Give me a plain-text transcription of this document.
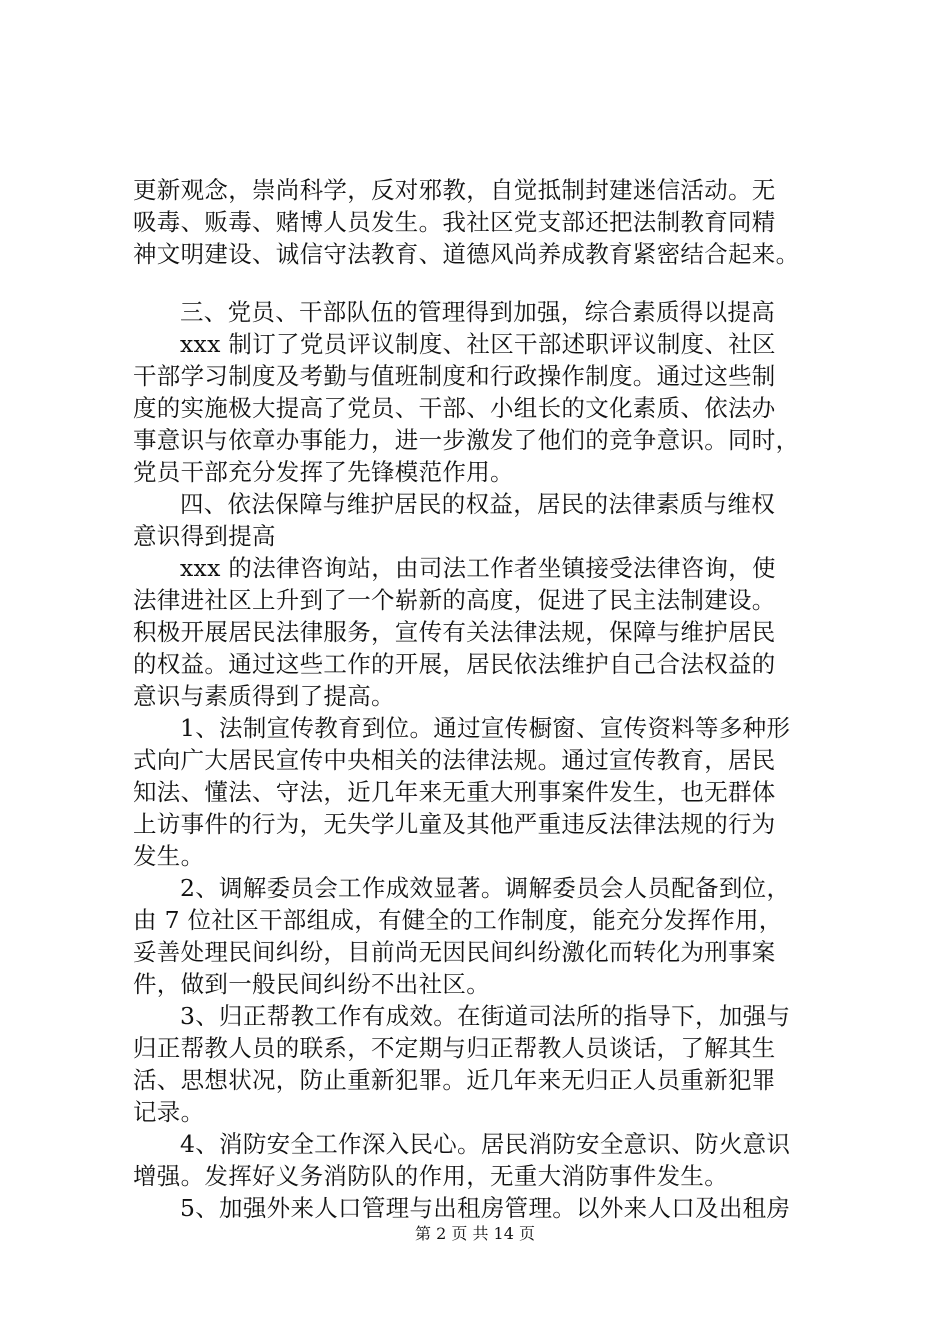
更新观念，崇尚科学，反对邪教，自觉抵制封建迷信活动。无
吸毒、贩毒、赌博人员发生。我社区党支部还把法制教育同精
神文明建设、诚信守法教育、道德风尚养成教育紧密结合起来。
三、党员、干部队伍的管理得到加强，综合素质得以提高
xxx 制订了党员评议制度、社区干部述职评议制度、社区
干部学习制度及考勤与值班制度和行政操作制度。通过这些制
度的实施极大提高了党员、干部、小组长的文化素质、依法办
事意识与依章办事能力，进一步激发了他们的竞争意识。同时，
党员干部充分发挥了先锋模范作用。
四、依法保障与维护居民的权益，居民的法律素质与维权
意识得到提高
xxx 的法律咨询站，由司法工作者坐镇接受法律咨询，使
法律进社区上升到了一个崭新的高度，促进了民主法制建设。
积极开展居民法律服务，宣传有关法律法规，保障与维护居民
的权益。通过这些工作的开展，居民依法维护自己合法权益的
意识与素质得到了提高。
1、法制宣传教育到位。通过宣传橱窗、宣传资料等多种形
式向广大居民宣传中央相关的法律法规。通过宣传教育，居民
知法、懂法、守法，近几年来无重大刑事案件发生，也无群体
上访事件的行为，无失学儿童及其他严重违反法律法规的行为
发生。
2、调解委员会工作成效显著。调解委员会人员配备到位，
由 7 位社区干部组成，有健全的工作制度，能充分发挥作用，
妥善处理民间纠纷，目前尚无因民间纠纷激化而转化为刑事案
件，做到一般民间纠纷不出社区。
3、归正帮教工作有成效。在街道司法所的指导下，加强与
归正帮教人员的联系，不定期与归正帮教人员谈话，了解其生
活、思想状况，防止重新犯罪。近几年来无归正人员重新犯罪
记录。
4、消防安全工作深入民心。居民消防安全意识、防火意识
增强。发挥好义务消防队的作用，无重大消防事件发生。
5、加强外来人口管理与出租房管理。以外来人口及出租房
第 2 页 共 14 页
